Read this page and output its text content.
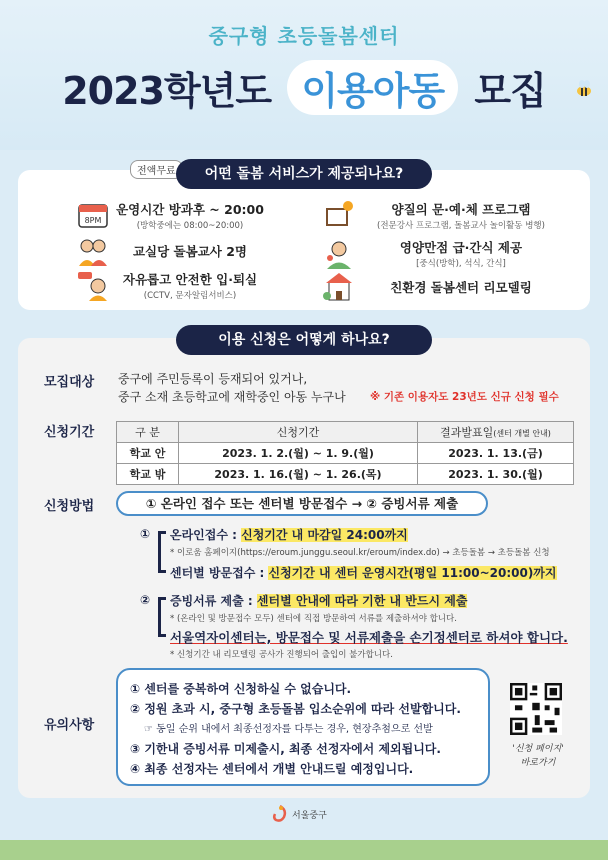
중구형 초등돌봄센터
2023학년도 이용아동 모집
전액무료	어떤 돌봄 서비스가 제공되나요?
8PM
운영시간 방과후 ~ 20:00
(방학중에는 08:00~20:00)
교실당 돌봄교사 2명
자유롭고 안전한 입·퇴실
(CCTV, 문자알림서비스)
양질의 문·예·체 프로그램
(전문강사 프로그램, 돌봄교사 놀이활동 병행)
영양만점 급·간식 제공
[중식(방학), 석식, 간식]
친환경 돌봄센터 리모델링
이용 신청은 어떻게 하나요?
모집대상 중구에 주민등록이 등재되어 있거나,
중구 소재 초등학교에 재학중인 아동 누구나 ※ 기존 이용자도 23년도 신규 신청 필수
신청기간	구 분	신청기간	결과발표일(센터 개별 안내)
학교 안	2023. 1. 2.(월) ~ 1. 9.(월)	2023. 1. 13.(금)
학교 밖	2023. 1. 16.(월) ~ 1. 26.(목)	2023. 1. 30.(월)
신청방법	① 온라인 접수 또는 센터별 방문접수 → ② 증빙서류 제출
① 온라인접수 : 신청기간 내 마감일 24:00까지
* 이로움 홈페이지(https://eroum.junggu.seoul.kr/eroum/index.do) → 초등돌봄 → 초등돌봄 신청
센터별 방문접수 : 신청기간 내 센터 운영시간(평일 11:00~20:00)까지
② 증빙서류 제출 : 센터별 안내에 따라 기한 내 반드시 제출
* (온라인 및 방문접수 모두) 센터에 직접 방문하여 서류를 제출하셔야 합니다.
서울역자이센터는, 방문접수 및 서류제출을 손기정센터로 하셔야 합니다.
* 신청기간 내 리모델링 공사가 진행되어 출입이 불가합니다.
유의사항
① 센터를 중복하여 신청하실 수 없습니다.
② 정원 초과 시, 중구형 초등돌봄 입소순위에 따라 선발합니다.
☞ 동일 순위 내에서 최종선정자를 다투는 경우, 현장추첨으로 선발
③ 기한내 증빙서류 미제출시, 최종 선정자에서 제외됩니다.
④ 최종 선정자는 센터에서 개별 안내드릴 예정입니다.
'신청 페이지'
바로가기
서울중구
